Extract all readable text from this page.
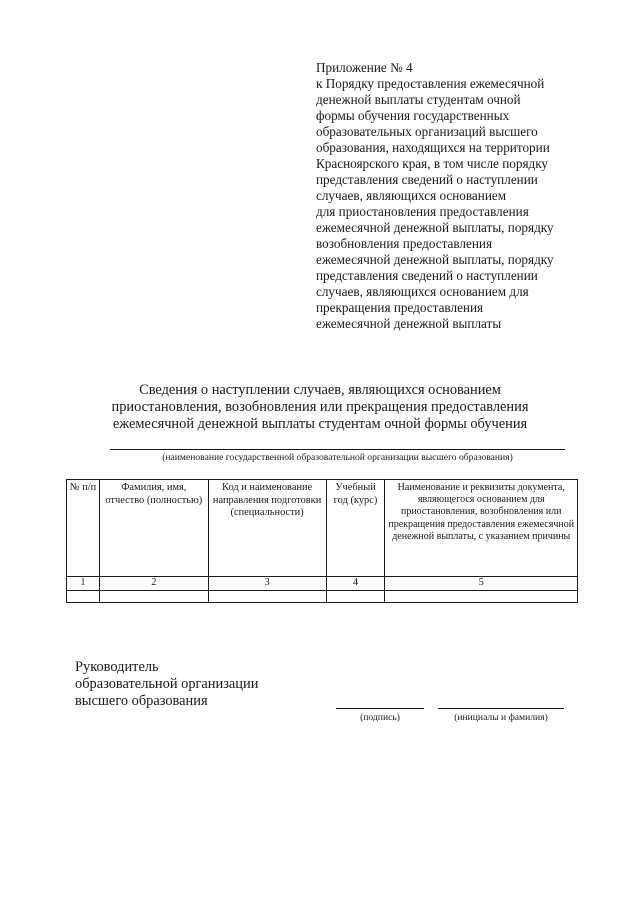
Приложение № 4
к Порядку предоставления ежемесячной
денежной выплаты студентам очной
формы обучения государственных
образовательных организаций высшего
образования, находящихся на территории
Красноярского края, в том числе порядку
представления сведений о наступлении
случаев, являющихся основанием
для приостановления предоставления
ежемесячной денежной выплаты, порядку
возобновления предоставления
ежемесячной денежной выплаты, порядку
представления сведений о наступлении
случаев, являющихся основанием для
прекращения предоставления
ежемесячной денежной выплаты
Сведения о наступлении случаев, являющихся основанием
приостановления, возобновления или прекращения предоставления
ежемесячной денежной выплаты студентам очной формы обучения
(наименование государственной образовательной организации высшего образования)
№ п/п	Фамилия, имя, отчество (полностью)	Код и наименование направления подготовки (специальности)	Учебный год (курс)	Наименование и реквизиты документа, являющегося основанием для приостановления, возобновления или прекращения предоставления ежемесячной денежной выплаты, с указанием причины
1	2	3	4	5

Руководитель
образовательной организации
высшего образования
(подпись)	(инициалы и фамилия)
